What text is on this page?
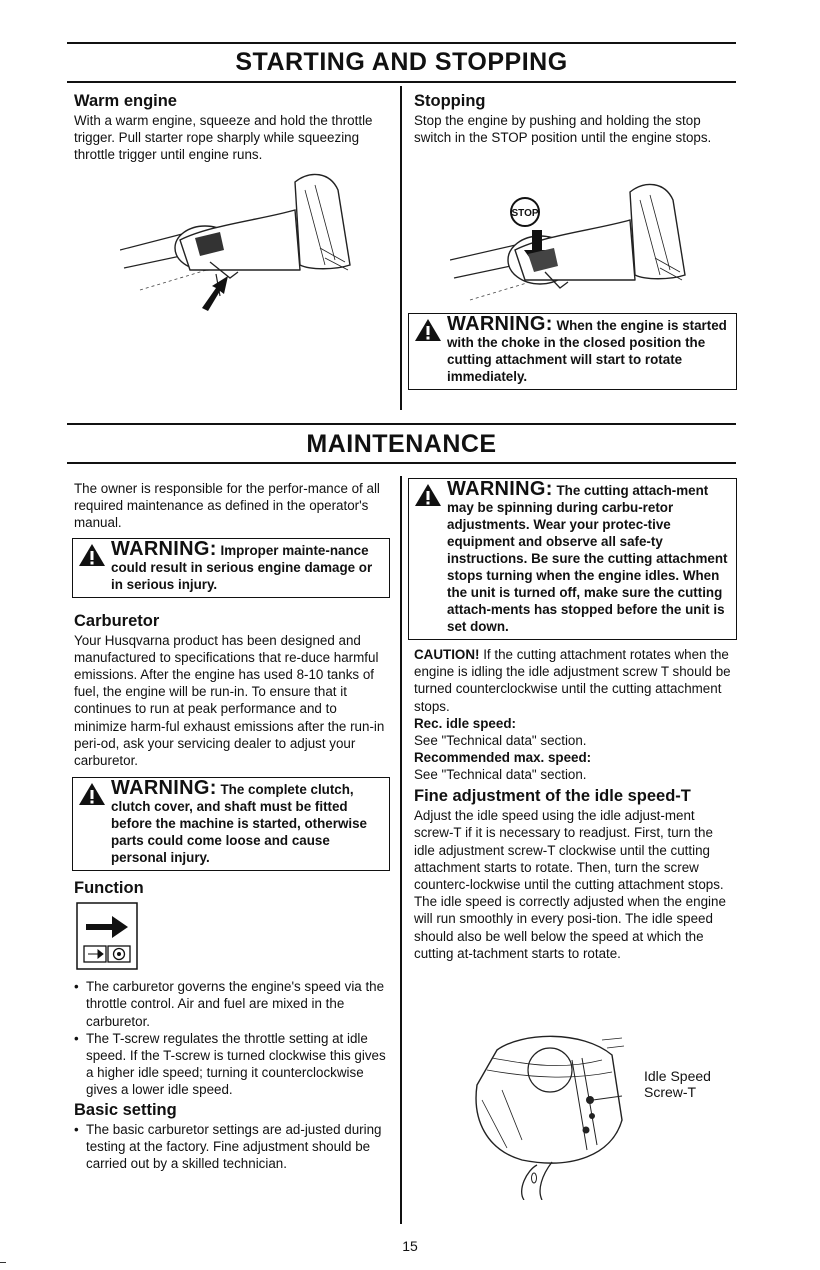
STARTING AND STOPPING
Warm engine

With a warm engine, squeeze and hold the throttle trigger. Pull starter rope sharply while squeezing throttle trigger until engine runs.

Stopping

Stop the engine by pushing and holding the stop switch in the STOP position until the engine stops.

STOP
WARNING: When the engine is started with the choke in the closed position the cutting attachment will start to rotate immediately.
MAINTENANCE

The owner is responsible for the perfor-mance of all required maintenance as defined in the operator's manual.

WARNING: Improper mainte-nance could result in serious engine damage or in serious injury.
Carburetor

Your Husqvarna product has been designed and manufactured to specifications that re-duce harmful emissions. After the engine has used 8-10 tanks of fuel, the engine will be run-in. To ensure that it continues to run at peak performance and to minimize harm-ful exhaust emissions after the run-in peri-od, ask your servicing dealer to adjust your carburetor.

WARNING: The complete clutch, clutch cover, and shaft must be fitted before the machine is started, otherwise parts could come loose and cause personal injury.
Function
• The carburetor governs the engine's speed via the throttle control. Air and fuel are mixed in the carburetor.
• The T-screw regulates the throttle setting at idle speed. If the T-screw is turned clockwise this gives a higher idle speed; turning it counterclockwise gives a lower idle speed.
Basic setting
• The basic carburetor settings are ad-justed during testing at the factory. Fine adjustment should be carried out by a skilled technician.
WARNING: The cutting attach-ment may be spinning during carbu-retor adjustments. Wear your protec-tive equipment and observe all safe-ty instructions. Be sure the cutting attachment stops turning when the engine idles. When the unit is turned off, make sure the cutting attach-ments has stopped before the unit is set down.

CAUTION! If the cutting attachment rotates when the engine is idling the idle adjustment screw T should be turned counterclockwise until the cutting attachment stops.

Rec. idle speed:

See "Technical data" section.

Recommended max. speed:

See "Technical data" section.

Fine adjustment of the idle speed-T

Adjust the idle speed using the idle adjust-ment screw-T if it is necessary to readjust. First, turn the idle adjustment screw-T clockwise until the cutting attachment starts to rotate. Then, turn the screw counterc-lockwise until the cutting attachment stops. The idle speed is correctly adjusted when the engine will run smoothly in every posi-tion. The idle speed should also be well below the speed at which the cutting at-tachment starts to rotate.

Idle Speed
Screw-T
15
